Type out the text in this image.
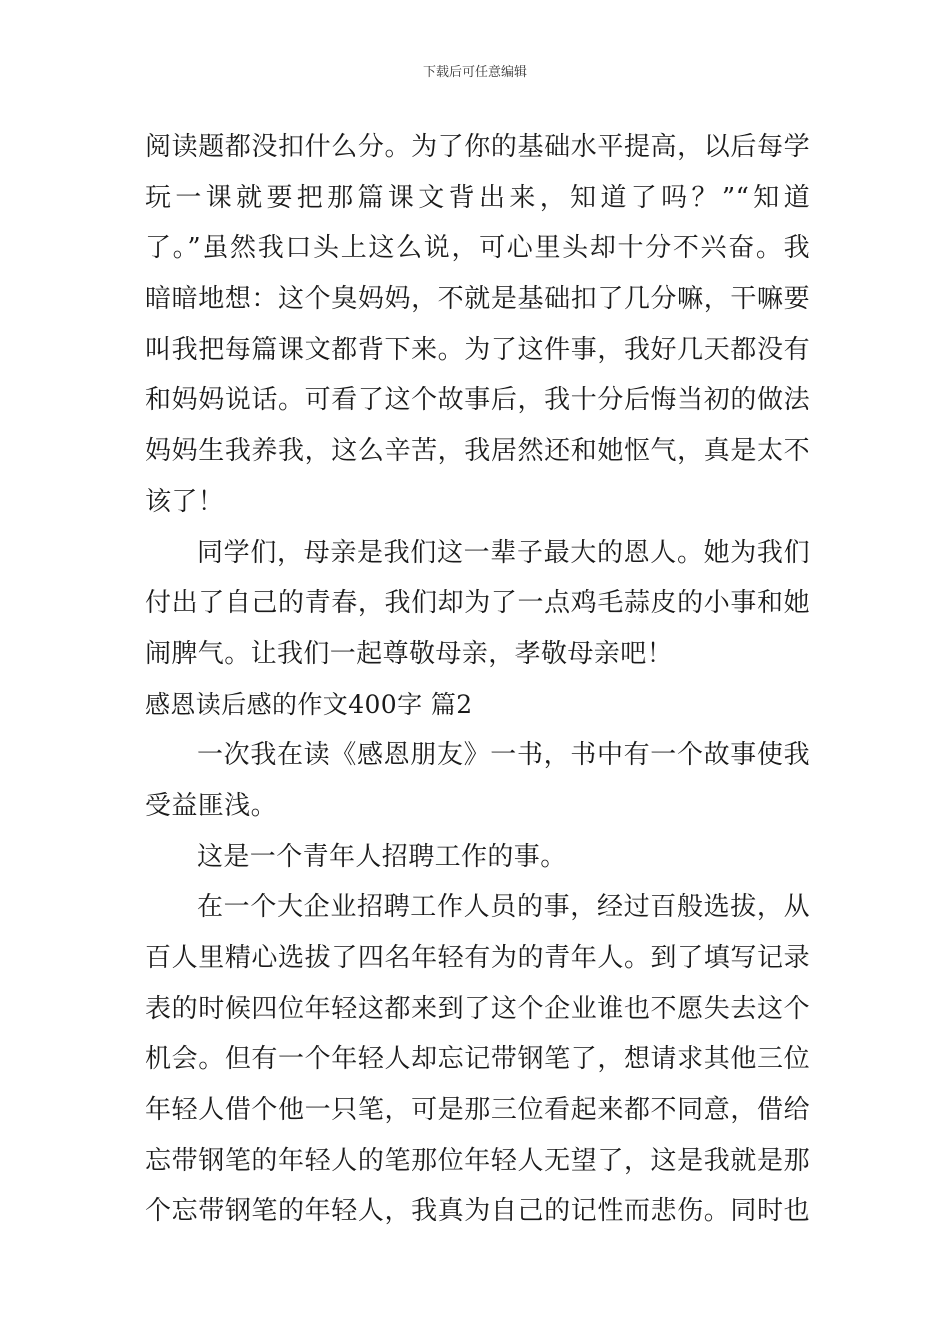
下载后可任意编辑
阅读题都没扣什么分。为了你的基础水平提高，以后每学
玩一课就要把那篇课文背出来，知道了吗？”“知道
了。”虽然我口头上这么说，可心里头却十分不兴奋。我
暗暗地想：这个臭妈妈，不就是基础扣了几分嘛，干嘛要
叫我把每篇课文都背下来。为了这件事，我好几天都没有
和妈妈说话。可看了这个故事后，我十分后悔当初的做法
妈妈生我养我，这么辛苦，我居然还和她怄气，真是太不
该了！
同学们，母亲是我们这一辈子最大的恩人。她为我们
付出了自己的青春，我们却为了一点鸡毛蒜皮的小事和她
闹脾气。让我们一起尊敬母亲，孝敬母亲吧！
感恩读后感的作文400字 篇2
一次我在读《感恩朋友》一书，书中有一个故事使我
受益匪浅。
这是一个青年人招聘工作的事。
在一个大企业招聘工作人员的事，经过百般选拔，从
百人里精心选拔了四名年轻有为的青年人。到了填写记录
表的时候四位年轻这都来到了这个企业谁也不愿失去这个
机会。但有一个年轻人却忘记带钢笔了，想请求其他三位
年轻人借个他一只笔，可是那三位看起来都不同意，借给
忘带钢笔的年轻人的笔那位年轻人无望了，这是我就是那
个忘带钢笔的年轻人，我真为自己的记性而悲伤。同时也
